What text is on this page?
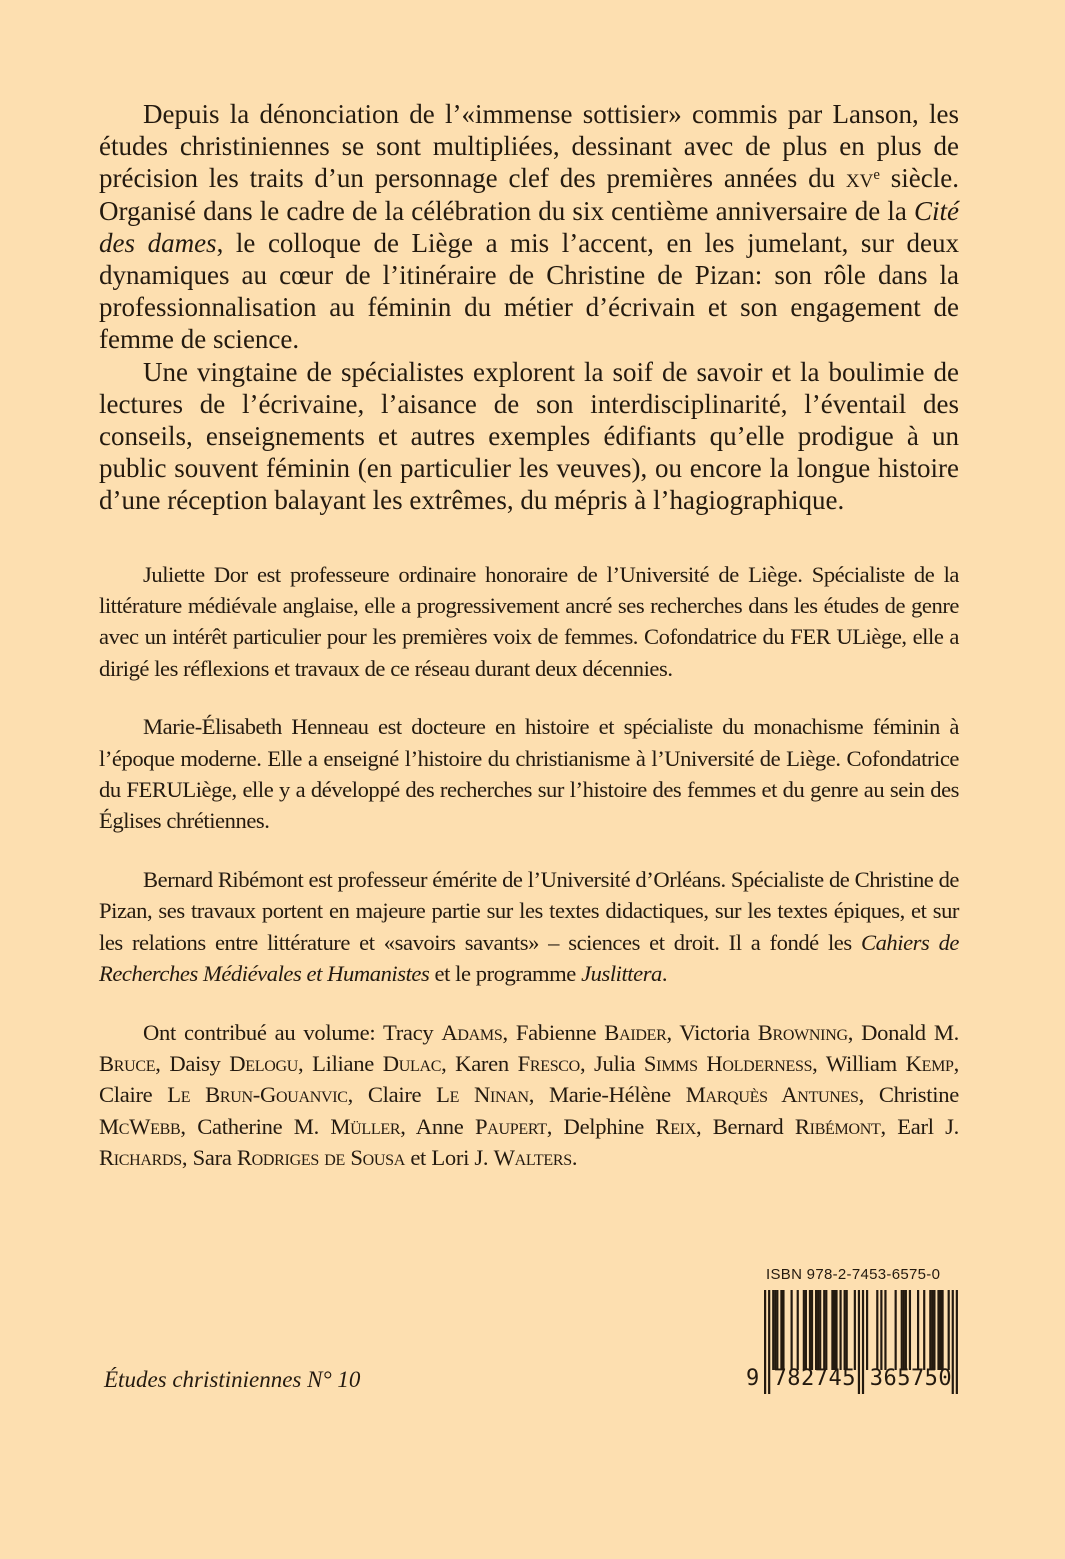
Depuis la dénonciation de l’«immense sottisier» commis par Lanson, les études christiniennes se sont multipliées, dessinant avec de plus en plus de précision les traits d’un personnage clef des premières années du $xv^e$ siècle. Organisé dans le cadre de la célébration du six centième anniversaire de la Cité des dames, le colloque de Liège a mis l’accent, en les jumelant, sur deux dynamiques au cœur de l’itinéraire de Christine de Pizan: son rôle dans la professionnalisation au féminin du métier d’écrivain et son engagement de femme de science.

Une vingtaine de spécialistes explorent la soif de savoir et la boulimie de lectures de l’écrivaine, l’aisance de son interdisciplinarité, l’éventail des conseils, enseignements et autres exemples édifiants qu’elle prodigue à un public souvent féminin (en particulier les veuves), ou encore la longue histoire d’une réception balayant les extrêmes, du mépris à l’hagiographique.

Juliette Dor est professeure ordinaire honoraire de l’Université de Liège. Spécialiste de la littérature médiévale anglaise, elle a progressivement ancré ses recherches dans les études de genre avec un intérêt particulier pour les premières voix de femmes. Cofondatrice du FER ULiège, elle a dirigé les réflexions et travaux de ce réseau durant deux décennies.

Marie-Élisabeth Henneau est docteure en histoire et spécialiste du monachisme féminin à l’époque moderne. Elle a enseigné l’histoire du christianisme à l’Université de Liège. Cofondatrice du FERULiège, elle y a développé des recherches sur l’histoire des femmes et du genre au sein des Églises chrétiennes.

Bernard Ribémont est professeur émérite de l’Université d’Orléans. Spécialiste de Christine de Pizan, ses travaux portent en majeure partie sur les textes didactiques, sur les textes épiques, et sur les relations entre littérature et «savoirs savants» – sciences et droit. Il a fondé les Cahiers de Recherches Médiévales et Humanistes et le programme Juslittera.

Ont contribué au volume: Tracy Adams, Fabienne Baider, Victoria Browning, Donald M. Bruce, Daisy Delogu, Liliane Dulac, Karen Fresco, Julia Simms Holderness, William Kemp, Claire Le Brun-Gouanvic, Claire Le Ninan, Marie-Hélène Marquès Antunes, Christine McWebb, Catherine M. Müller, Anne Paupert, Delphine Reix, Bernard Ribémont, Earl J. Richards, Sara Rodriges de Sousa et Lori J. Walters.

Études christiniennes N° 10
ISBN 978-2-7453-6575-0
9 782745 365750
